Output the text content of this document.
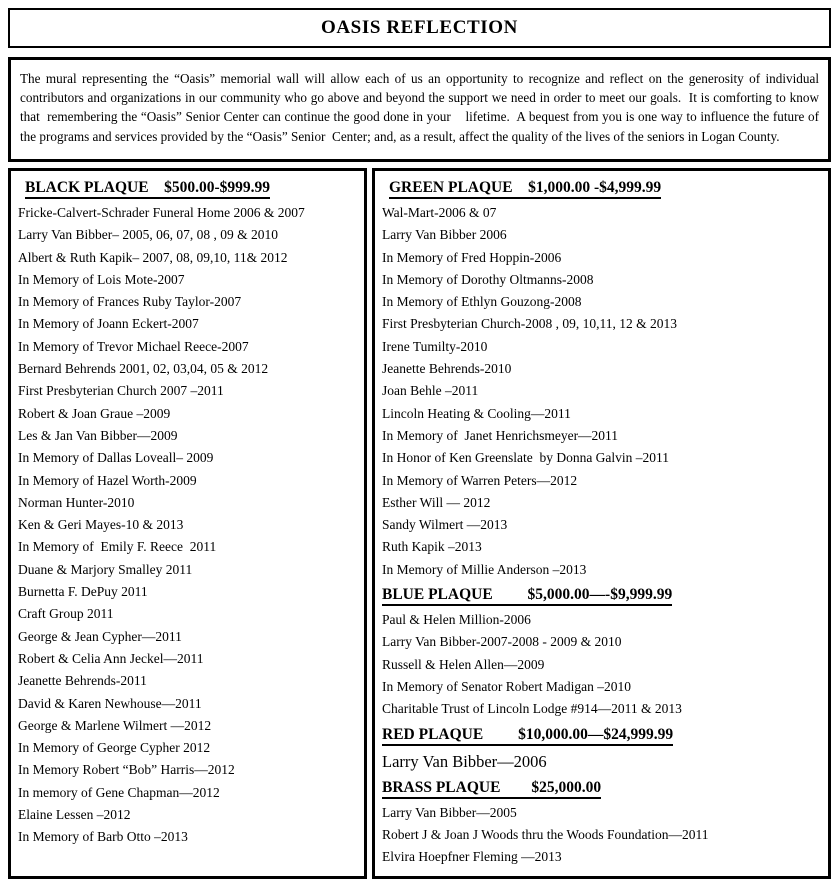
OASIS REFLECTION

The mural representing the “Oasis” memorial wall will allow each of us an opportunity to recognize and reflect on the generosity of individual contributors and organizations in our community who go above and beyond the support we need in order to meet our goals.  It is comforting to know that  remembering the “Oasis” Senior Center can continue the good done in your    lifetime.  A bequest from you is one way to influence the future of the programs and services provided by the “Oasis” Senior  Center; and, as a result, affect the quality of the lives of the seniors in Logan County.

BLACK PLAQUE    $500.00-$999.99
Fricke-Calvert-Schrader Funeral Home 2006 & 2007
Larry Van Bibber– 2005, 06, 07, 08 , 09 & 2010
Albert & Ruth Kapik– 2007, 08, 09,10, 11& 2012
In Memory of Lois Mote-2007
In Memory of Frances Ruby Taylor-2007
In Memory of Joann Eckert-2007
In Memory of Trevor Michael Reece-2007
Bernard Behrends 2001, 02, 03,04, 05 & 2012
First Presbyterian Church 2007 –2011
Robert & Joan Graue –2009
Les & Jan Van Bibber—2009
In Memory of Dallas Loveall– 2009
In Memory of Hazel Worth-2009
Norman Hunter-2010
Ken & Geri Mayes-10 & 2013
In Memory of  Emily F. Reece  2011
Duane & Marjory Smalley 2011
Burnetta F. DePuy 2011
Craft Group 2011
George & Jean Cypher—2011
Robert & Celia Ann Jeckel—2011
Jeanette Behrends-2011
David & Karen Newhouse—2011
George & Marlene Wilmert —2012
In Memory of George Cypher 2012
In Memory Robert “Bob” Harris—2012
In memory of Gene Chapman—2012
Elaine Lessen –2012
In Memory of Barb Otto –2013
GREEN PLAQUE    $1,000.00 -$4,999.99
Wal-Mart-2006 & 07
Larry Van Bibber 2006
In Memory of Fred Hoppin-2006
In Memory of Dorothy Oltmanns-2008
In Memory of Ethlyn Gouzong-2008
First Presbyterian Church-2008 , 09, 10,11, 12 & 2013
Irene Tumilty-2010
Jeanette Behrends-2010
Joan Behle –2011
Lincoln Heating & Cooling—2011
In Memory of  Janet Henrichsmeyer—2011
In Honor of Ken Greenslate  by Donna Galvin –2011
In Memory of Warren Peters—2012
Esther Will — 2012
Sandy Wilmert —2013
Ruth Kapik –2013
In Memory of Millie Anderson –2013
BLUE PLAQUE         $5,000.00—-$9,999.99
Paul & Helen Million-2006
Larry Van Bibber-2007-2008 - 2009 & 2010
Russell & Helen Allen—2009
In Memory of Senator Robert Madigan –2010
Charitable Trust of Lincoln Lodge #914—2011 & 2013
RED PLAQUE         $10,000.00—$24,999.99
Larry Van Bibber—2006
BRASS PLAQUE        $25,000.00
Larry Van Bibber—2005
Robert J & Joan J Woods thru the Woods Foundation—2011
Elvira Hoepfner Fleming —2013
